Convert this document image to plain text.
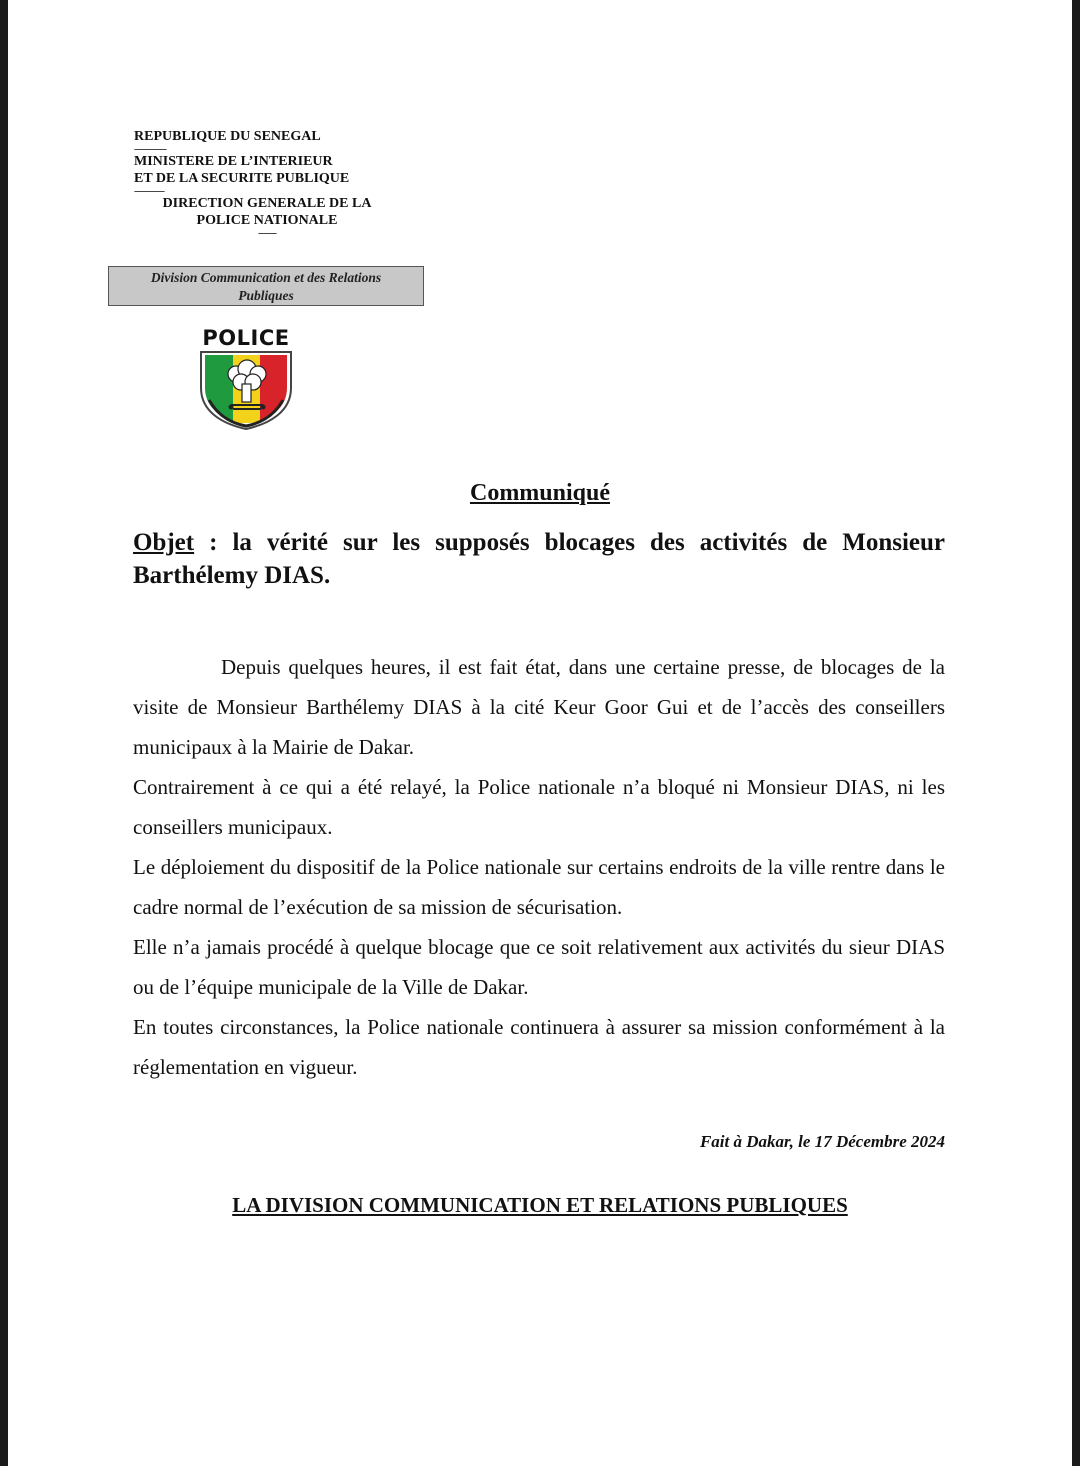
REPUBLIQUE DU SENEGAL
----------------
MINISTERE DE L’INTERIEUR
ET DE LA SECURITE PUBLIQUE
---------------
DIRECTION GENERALE DE LA
POLICE NATIONALE
---------
Division Communication et des Relations
Publiques
POLICE
Communiqué
Objet : la vérité sur les supposés blocages des activités de Monsieur Barthélemy DIAS.

Depuis quelques heures, il est fait état, dans une certaine presse, de blocages de la visite de Monsieur Barthélemy DIAS à la cité Keur Goor Gui et de l’accès des conseillers municipaux à la Mairie de Dakar.

Contrairement à ce qui a été relayé, la Police nationale n’a bloqué ni Monsieur DIAS, ni les conseillers municipaux.

Le déploiement du dispositif de la Police nationale sur certains endroits de la ville rentre dans le cadre normal de l’exécution de sa mission de sécurisation.

Elle n’a jamais procédé à quelque blocage que ce soit relativement aux activités du sieur DIAS ou de l’équipe municipale de la Ville de Dakar.

En toutes circonstances, la Police nationale continuera à assurer sa mission conformément à la réglementation en vigueur.

Fait à Dakar, le 17 Décembre 2024
LA DIVISION COMMUNICATION ET RELATIONS PUBLIQUES
